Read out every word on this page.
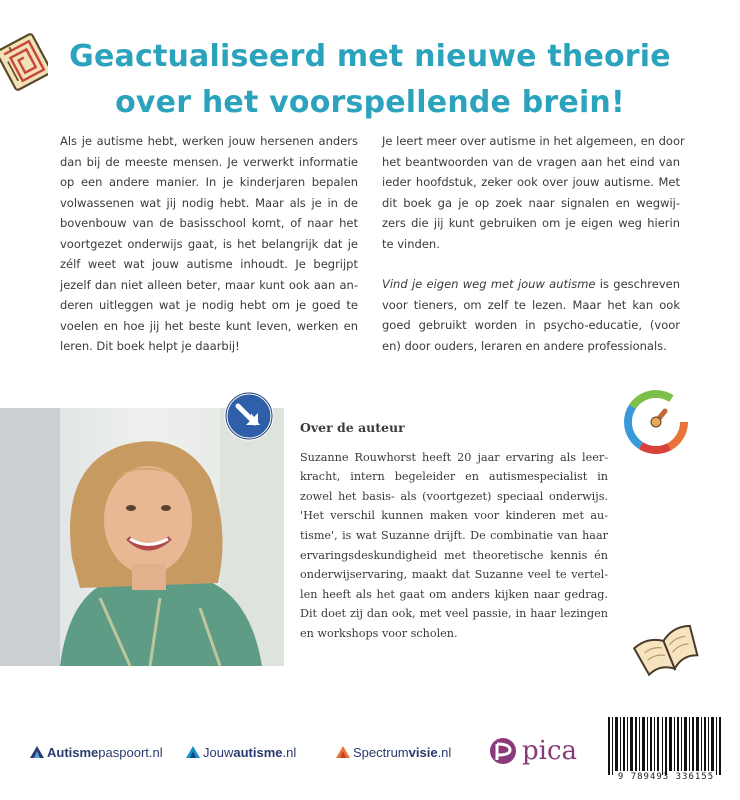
Geactualiseerd met nieuwe theorie
over het voorspellende brein!

Als je autisme hebt, werken jouw hersenen anders
dan bij de meeste mensen. Je verwerkt informatie
op een andere manier. In je kinderjaren bepalen
volwassenen wat jij nodig hebt. Maar als je in de
bovenbouw van de basisschool komt, of naar het
voortgezet onderwijs gaat, is het belangrijk dat je
zélf weet wat jouw autisme inhoudt. Je begrijpt
jezelf dan niet alleen beter, maar kunt ook aan an-
deren uitleggen wat je nodig hebt om je goed te
voelen en hoe jij het beste kunt leven, werken en
leren. Dit boek helpt je daarbij!

Je leert meer over autisme in het algemeen, en door
het beantwoorden van de vragen aan het eind van
ieder hoofdstuk, zeker ook over jouw autisme. Met
dit boek ga je op zoek naar signalen en wegwij-
zers die jij kunt gebruiken om je eigen weg hierin
te vinden.

Vind je eigen weg met jouw autisme is geschreven
voor tieners, om zelf te lezen. Maar het kan ook
goed gebruikt worden in psycho-educatie, (voor
en) door ouders, leraren en andere professionals.

Over de auteur
Suzanne Rouwhorst heeft 20 jaar ervaring als leer-
kracht, intern begeleider en autismespecialist in
zowel het basis- als (voortgezet) speciaal onderwijs.
'Het verschil kunnen maken voor kinderen met au-
tisme', is wat Suzanne drijft. De combinatie van haar
ervaringsdeskundigheid met theoretische kennis én
onderwijservaring, maakt dat Suzanne veel te vertel-
len heeft als het gaat om anders kijken naar gedrag.
Dit doet zij dan ook, met veel passie, in haar lezingen
en workshops voor scholen.
Autisme paspoort.nl	Jouw autisme .nl	Spectrum visie .nl	pica
9 789493 336155
